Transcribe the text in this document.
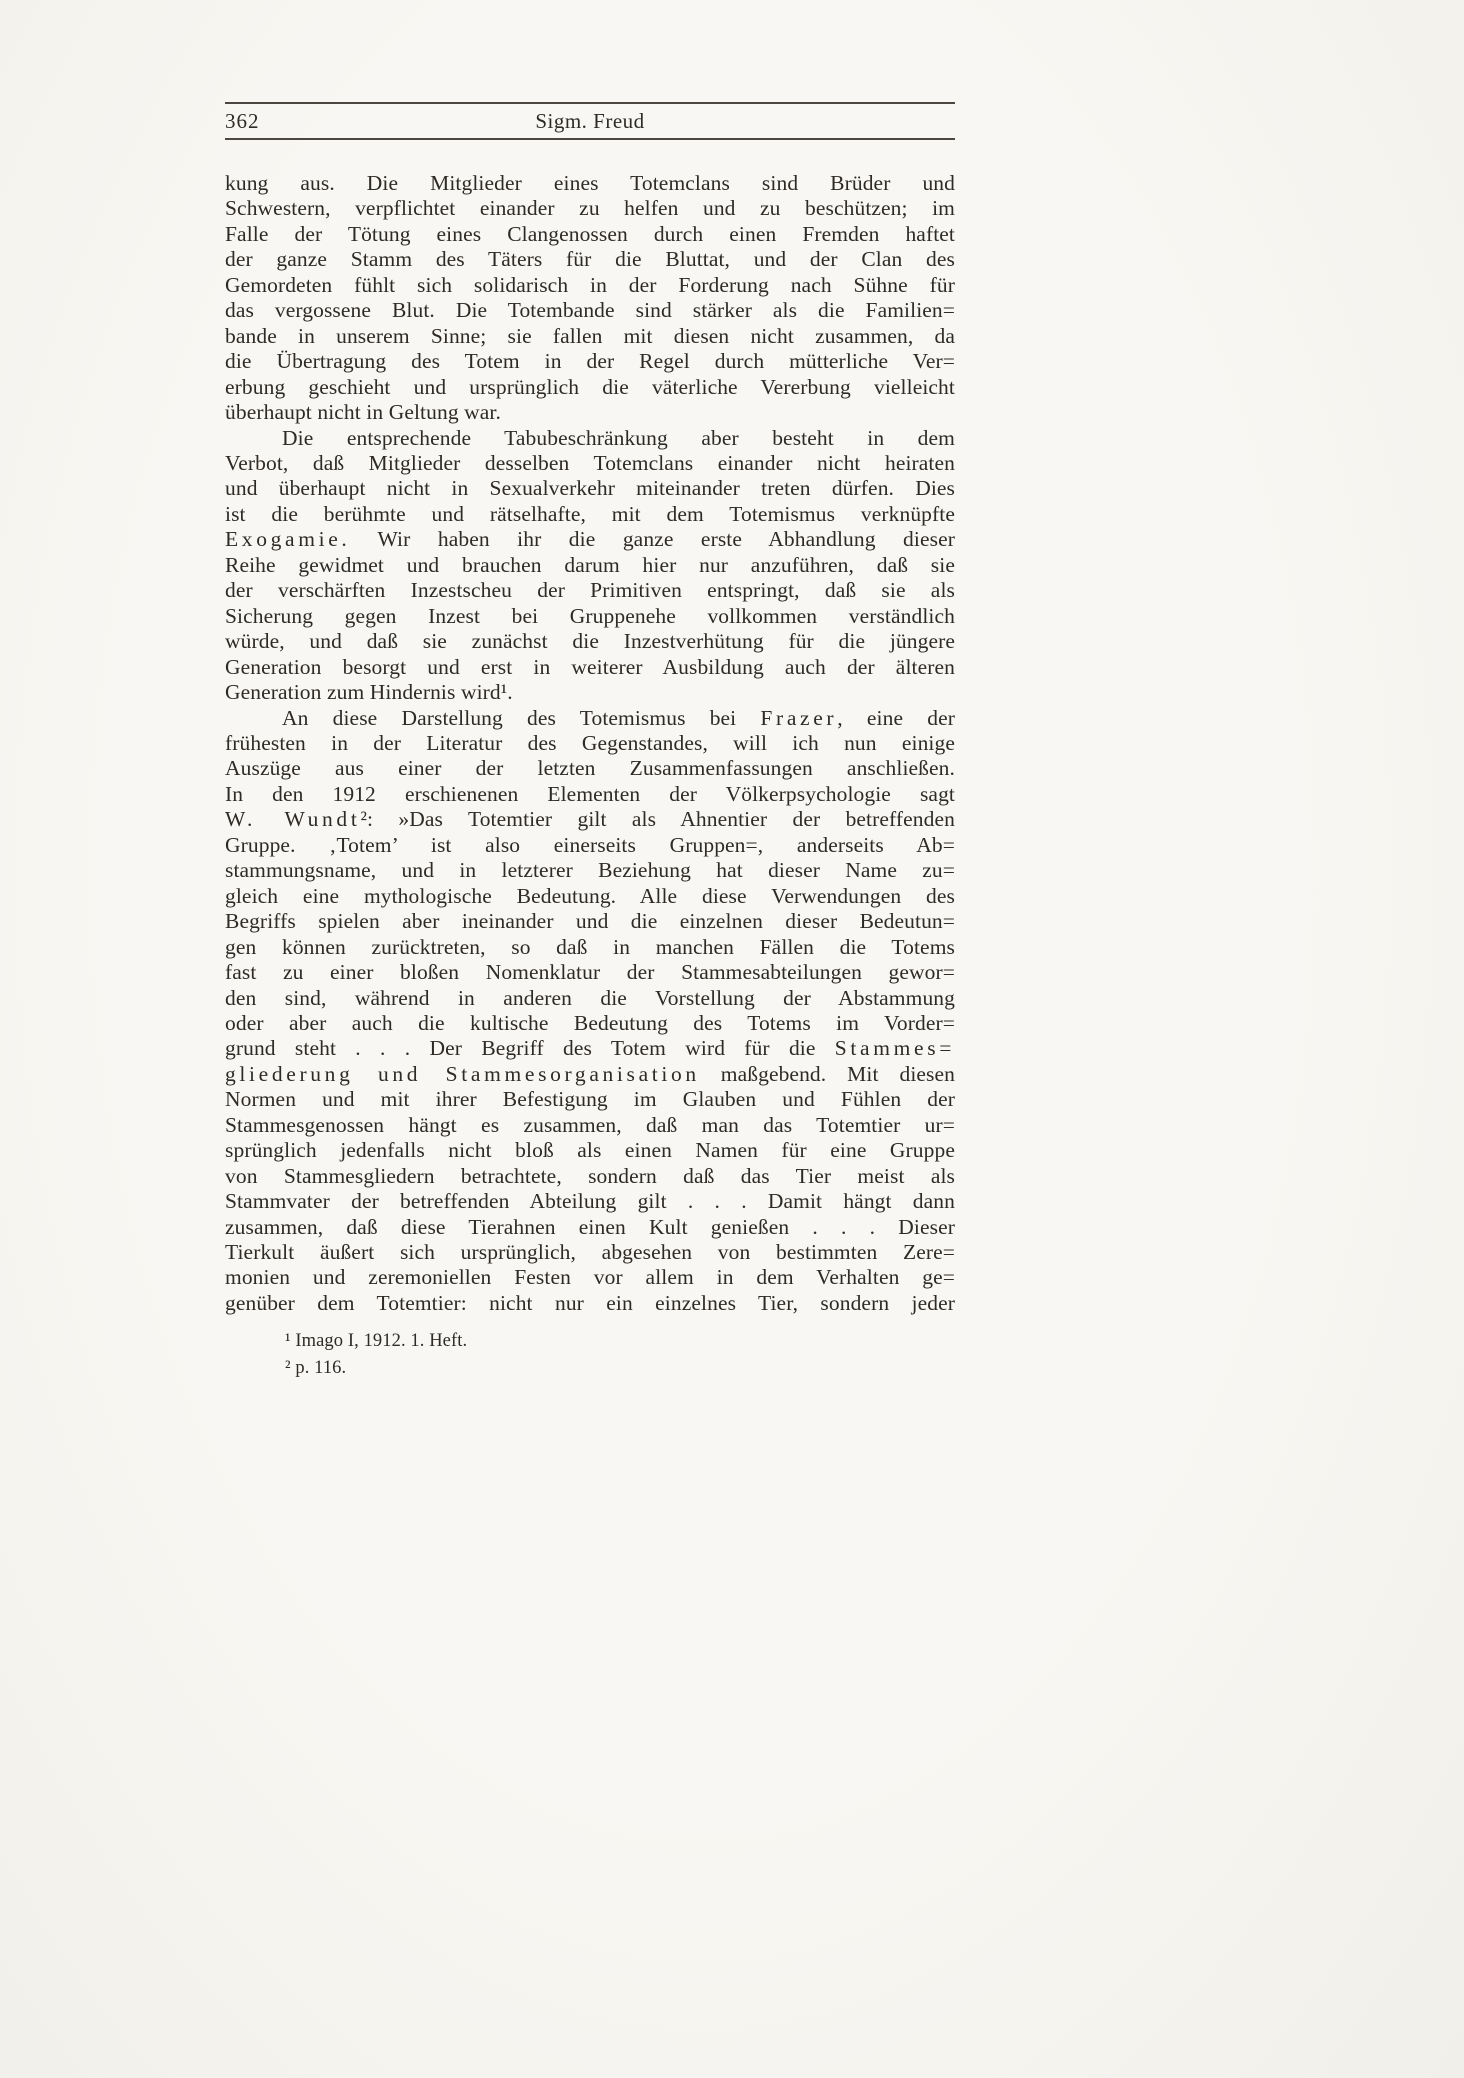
362	Sigm. Freud
kung aus. Die Mitglieder eines Totemclans sind Brüder und
Schwestern, verpflichtet einander zu helfen und zu beschützen; im
Falle der Tötung eines Clangenossen durch einen Fremden haftet
der ganze Stamm des Täters für die Bluttat, und der Clan des
Gemordeten fühlt sich solidarisch in der Forderung nach Sühne für
das vergossene Blut. Die Totembande sind stärker als die Familien=
bande in unserem Sinne; sie fallen mit diesen nicht zusammen, da
die Übertragung des Totem in der Regel durch mütterliche Ver=
erbung geschieht und ursprünglich die väterliche Vererbung vielleicht
überhaupt nicht in Geltung war.
Die entsprechende Tabubeschränkung aber besteht in dem
Verbot, daß Mitglieder desselben Totemclans einander nicht heiraten
und überhaupt nicht in Sexualverkehr miteinander treten dürfen. Dies
ist die berühmte und rätselhafte, mit dem Totemismus verknüpfte
Exogamie. Wir haben ihr die ganze erste Abhandlung dieser
Reihe gewidmet und brauchen darum hier nur anzuführen, daß sie
der verschärften Inzestscheu der Primitiven entspringt, daß sie als
Sicherung gegen Inzest bei Gruppenehe vollkommen verständlich
würde, und daß sie zunächst die Inzestverhütung für die jüngere
Generation besorgt und erst in weiterer Ausbildung auch der älteren
Generation zum Hindernis wird¹.
An diese Darstellung des Totemismus bei Frazer, eine der
frühesten in der Literatur des Gegenstandes, will ich nun einige
Auszüge aus einer der letzten Zusammenfassungen anschließen.
In den 1912 erschienenen Elementen der Völkerpsychologie sagt
W. Wundt²: »Das Totemtier gilt als Ahnentier der betreffenden
Gruppe. ‚Totem’ ist also einerseits Gruppen=, anderseits Ab=
stammungsname, und in letzterer Beziehung hat dieser Name zu=
gleich eine mythologische Bedeutung. Alle diese Verwendungen des
Begriffs spielen aber ineinander und die einzelnen dieser Bedeutun=
gen können zurücktreten, so daß in manchen Fällen die Totems
fast zu einer bloßen Nomenklatur der Stammesabteilungen gewor=
den sind, während in anderen die Vorstellung der Abstammung
oder aber auch die kultische Bedeutung des Totems im Vorder=
grund steht . . . Der Begriff des Totem wird für die Stammes=
gliederung und Stammesorganisation maßgebend. Mit diesen
Normen und mit ihrer Befestigung im Glauben und Fühlen der
Stammesgenossen hängt es zusammen, daß man das Totemtier ur=
sprünglich jedenfalls nicht bloß als einen Namen für eine Gruppe
von Stammesgliedern betrachtete, sondern daß das Tier meist als
Stammvater der betreffenden Abteilung gilt . . . Damit hängt dann
zusammen, daß diese Tierahnen einen Kult genießen . . . Dieser
Tierkult äußert sich ursprünglich, abgesehen von bestimmten Zere=
monien und zeremoniellen Festen vor allem in dem Verhalten ge=
genüber dem Totemtier: nicht nur ein einzelnes Tier, sondern jeder
¹ Imago I, 1912. 1. Heft.
² p. 116.
